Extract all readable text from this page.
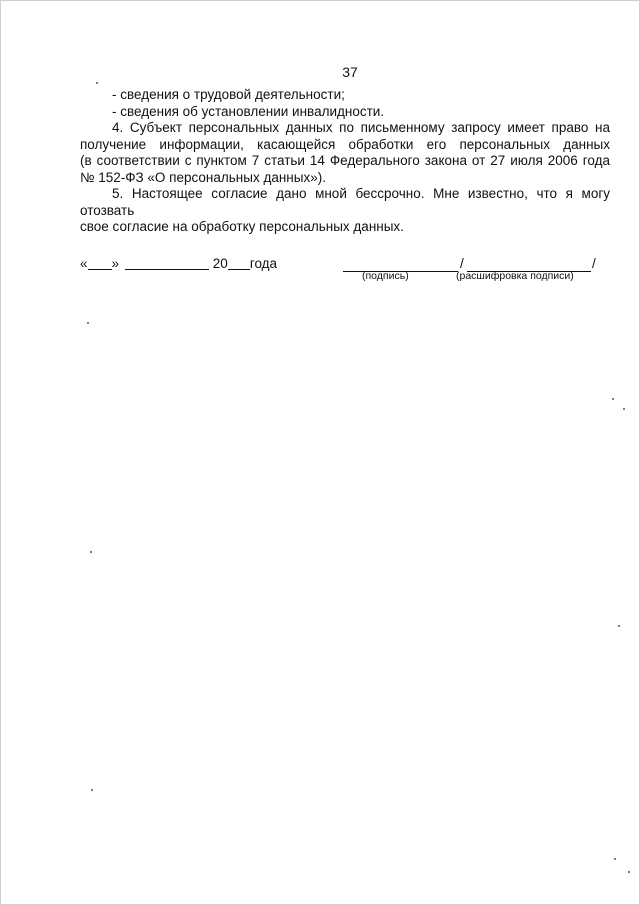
37

- сведения о трудовой деятельности;

- сведения об установлении инвалидности.

4. Субъект персональных данных по письменному запросу имеет право на

получение информации, касающейся обработки его персональных данных

(в соответствии с пунктом 7 статьи 14 Федерального закона от 27 июля 2006 года

№ 152-ФЗ «О персональных данных»).

5. Настоящее согласие дано мной бессрочно. Мне известно, что я могу отозвать

свое согласие на обработку персональных данных.

« »	20 года	/	/
(подпись)	(расшифровка подписи)
